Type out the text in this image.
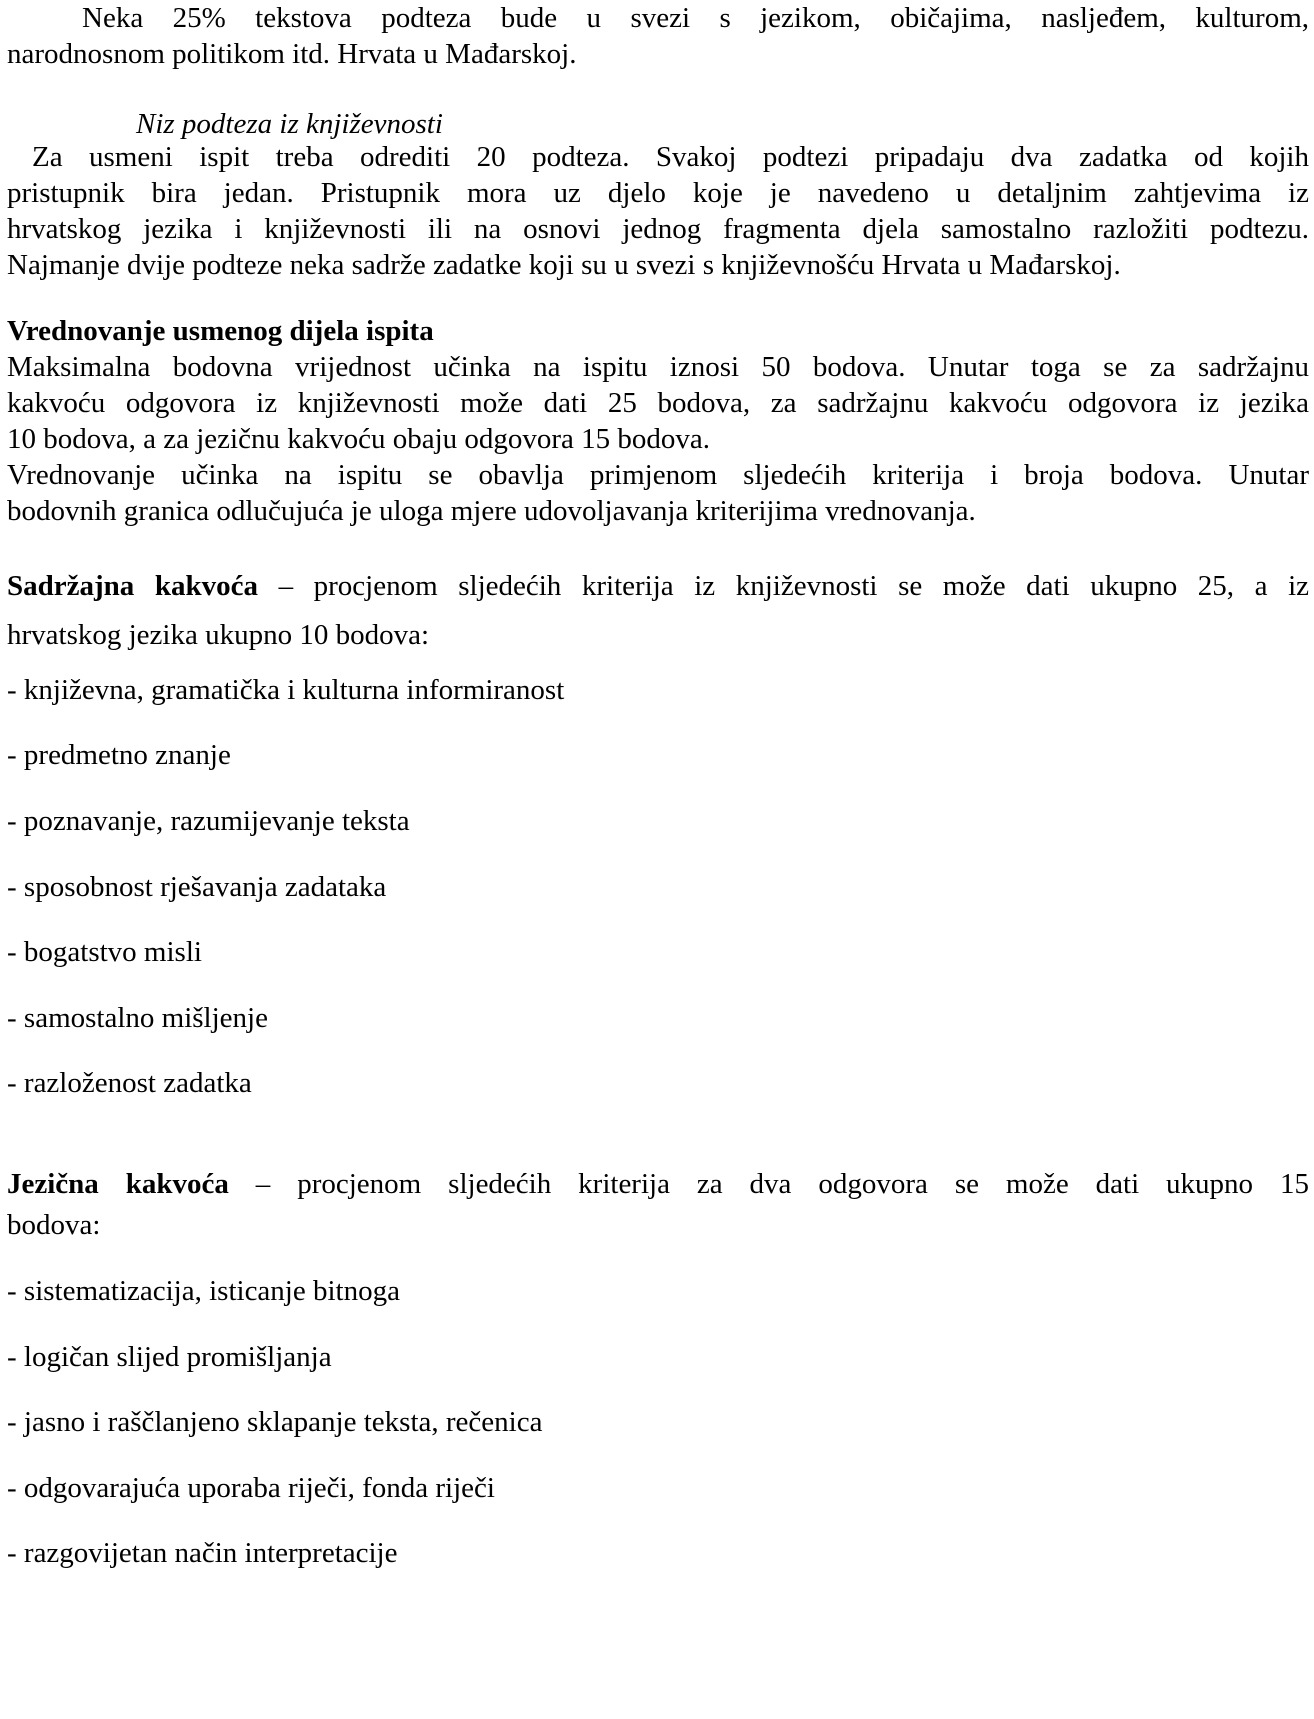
Neka 25% tekstova podteza bude u svezi s jezikom, običajima, nasljeđem, kulturom,
narodnosnom politikom itd. Hrvata u Mađarskoj.

Niz podteza iz književnosti

Za usmeni ispit treba odrediti 20 podteza. Svakoj podtezi pripadaju dva zadatka od kojih
pristupnik bira jedan. Pristupnik mora uz djelo koje je navedeno u detaljnim zahtjevima iz
hrvatskog jezika i književnosti ili na osnovi jednog fragmenta djela samostalno razložiti podtezu.
Najmanje dvije podteze neka sadrže zadatke koji su u svezi s književnošću Hrvata u Mađarskoj.

Vrednovanje usmenog dijela ispita

Maksimalna bodovna vrijednost učinka na ispitu iznosi 50 bodova. Unutar toga se za sadržajnu
kakvoću odgovora iz književnosti može dati 25 bodova, za sadržajnu kakvoću odgovora iz jezika
10 bodova, a za jezičnu kakvoću obaju odgovora 15 bodova.
Vrednovanje učinka na ispitu se obavlja primjenom sljedećih kriterija i broja bodova. Unutar
bodovnih granica odlučujuća je uloga mjere udovoljavanja kriterijima vrednovanja.
Sadržajna kakvoća – procjenom sljedećih kriterija iz književnosti se može dati ukupno 25, a iz
hrvatskog jezika ukupno 10 bodova:

- književna, gramatička i kulturna informiranost

- predmetno znanje

- poznavanje, razumijevanje teksta

- sposobnost rješavanja zadataka

- bogatstvo misli

- samostalno mišljenje

- razloženost zadatka

Jezična kakvoća – procjenom sljedećih kriterija za dva odgovora se može dati ukupno 15
bodova:

- sistematizacija, isticanje bitnoga

- logičan slijed promišljanja

- jasno i raščlanjeno sklapanje teksta, rečenica

- odgovarajuća uporaba riječi, fonda riječi

- razgovijetan način interpretacije
